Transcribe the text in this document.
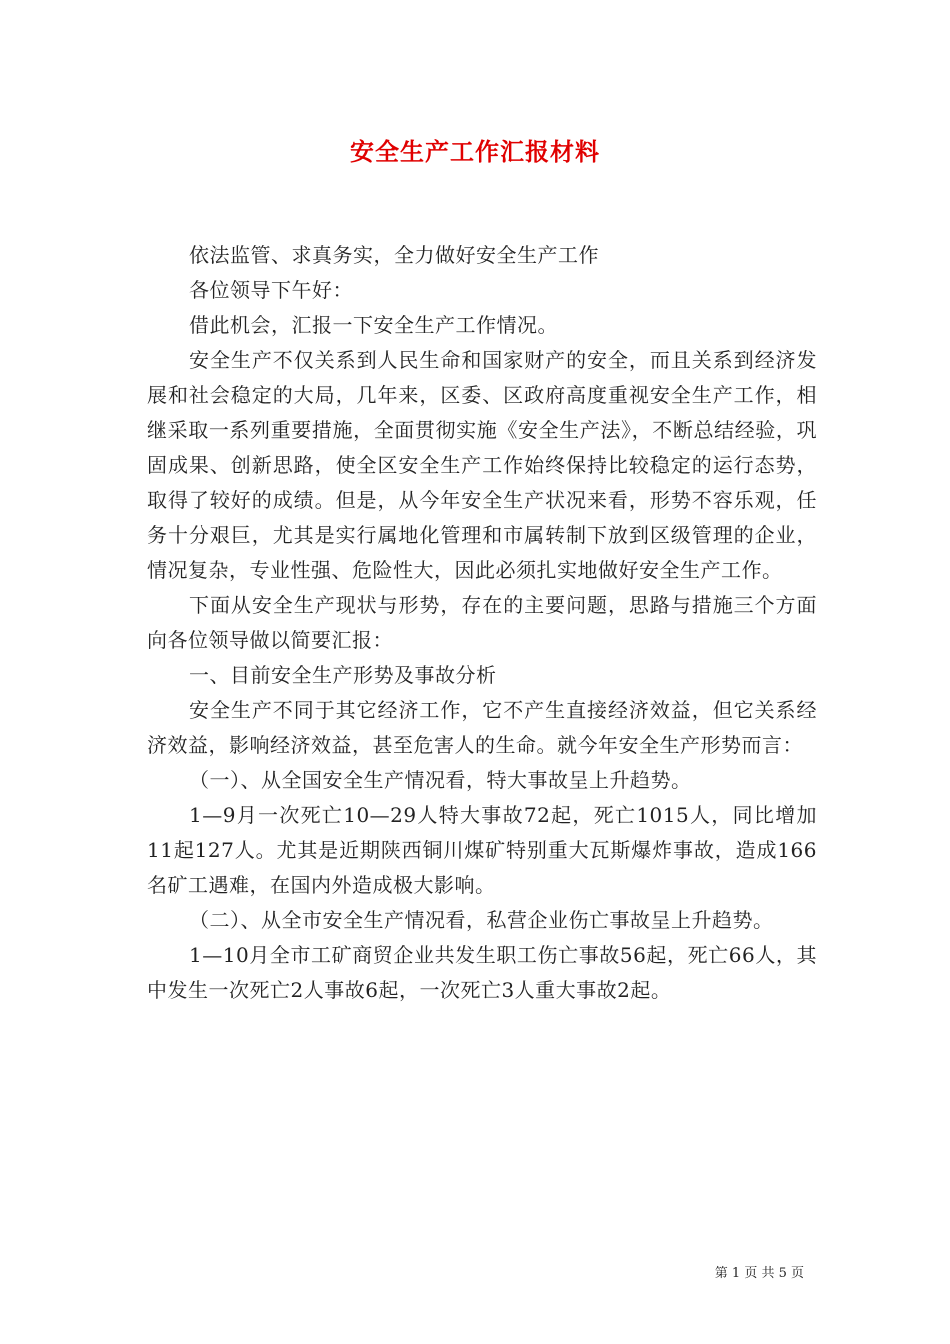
安全生产工作汇报材料

依法监管、求真务实，全力做好安全生产工作

各位领导下午好：

借此机会，汇报一下安全生产工作情况。

安全生产不仅关系到人民生命和国家财产的安全，而且关系到经济发展和社会稳定的大局，几年来，区委、区政府高度重视安全生产工作，相继采取一系列重要措施，全面贯彻实施《安全生产法》，不断总结经验，巩固成果、创新思路，使全区安全生产工作始终保持比较稳定的运行态势，取得了较好的成绩。但是，从今年安全生产状况来看，形势不容乐观，任务十分艰巨，尤其是实行属地化管理和市属转制下放到区级管理的企业，情况复杂，专业性强、危险性大，因此必须扎实地做好安全生产工作。

下面从安全生产现状与形势，存在的主要问题，思路与措施三个方面向各位领导做以简要汇报：

一、目前安全生产形势及事故分析

安全生产不同于其它经济工作，它不产生直接经济效益，但它关系经济效益，影响经济效益，甚至危害人的生命。就今年安全生产形势而言：

（一）、从全国安全生产情况看，特大事故呈上升趋势。

1—9月一次死亡10—29人特大事故72起，死亡1015人，同比增加11起127人。尤其是近期陕西铜川煤矿特别重大瓦斯爆炸事故，造成166名矿工遇难，在国内外造成极大影响。

（二）、从全市安全生产情况看，私营企业伤亡事故呈上升趋势。

1—10月全市工矿商贸企业共发生职工伤亡事故56起，死亡66人，其中发生一次死亡2人事故6起，一次死亡3人重大事故2起。

第 1 页 共 5 页
